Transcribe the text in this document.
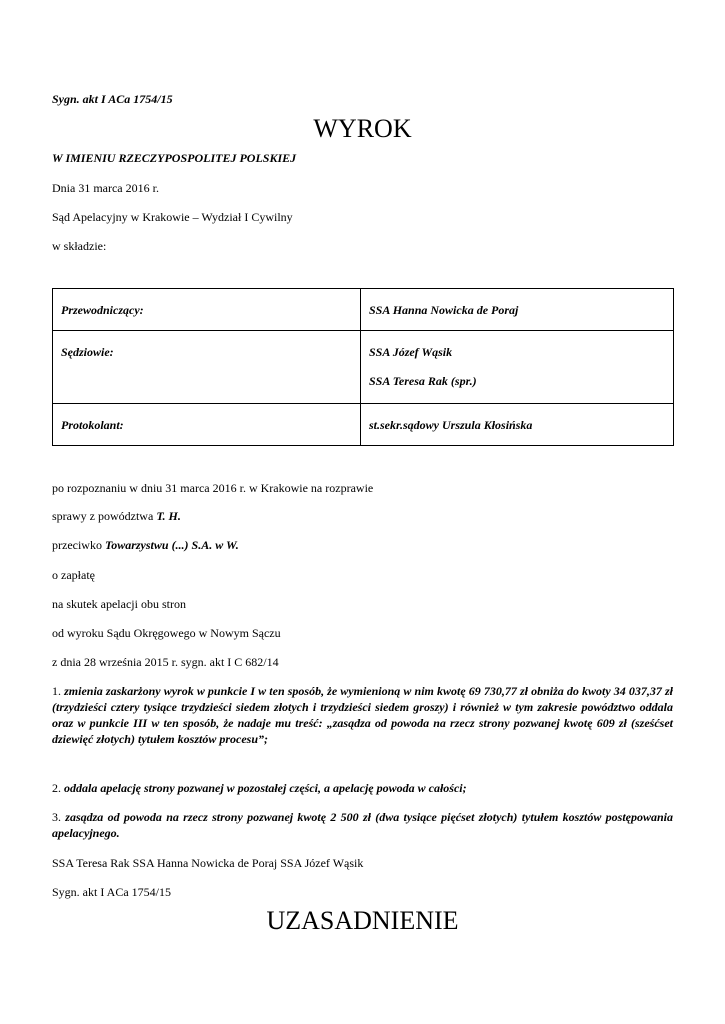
Sygn. akt I ACa 1754/15
WYROK
W IMIENIU RZECZYPOSPOLITEJ POLSKIEJ
Dnia 31 marca 2016 r.
Sąd Apelacyjny w Krakowie – Wydział I Cywilny
w składzie:
Przewodniczący:	SSA Hanna Nowicka de Poraj

Sędziowie:	SSA Józef Wąsik
SSA Teresa Rak (spr.)

Protokolant:	st.sekr.sądowy Urszula Kłosińska
po rozpoznaniu w dniu 31 marca 2016 r. w Krakowie na rozprawie
sprawy z powództwa T. H.
przeciwko Towarzystwu (...) S.A. w W.
o zapłatę
na skutek apelacji obu stron
od wyroku Sądu Okręgowego w Nowym Sączu
z dnia 28 września 2015 r. sygn. akt I C 682/14
1. zmienia zaskarżony wyrok w punkcie I w ten sposób, że wymienioną w nim kwotę 69 730,77 zł obniża do kwoty 34 037,37 zł (trzydzieści cztery tysiące trzydzieści siedem złotych i trzydzieści siedem groszy) i również w tym zakresie powództwo oddala oraz w punkcie III w ten sposób, że nadaje mu treść: „zasądza od powoda na rzecz strony pozwanej kwotę 609 zł (sześćset dziewięć złotych) tytułem kosztów procesu”;
2. oddala apelację strony pozwanej w pozostałej części, a apelację powoda w całości;
3. zasądza od powoda na rzecz strony pozwanej kwotę 2 500 zł (dwa tysiące pięćset złotych) tytułem kosztów postępowania apelacyjnego.
SSA Teresa Rak SSA Hanna Nowicka de Poraj SSA Józef Wąsik
Sygn. akt I ACa 1754/15
UZASADNIENIE
